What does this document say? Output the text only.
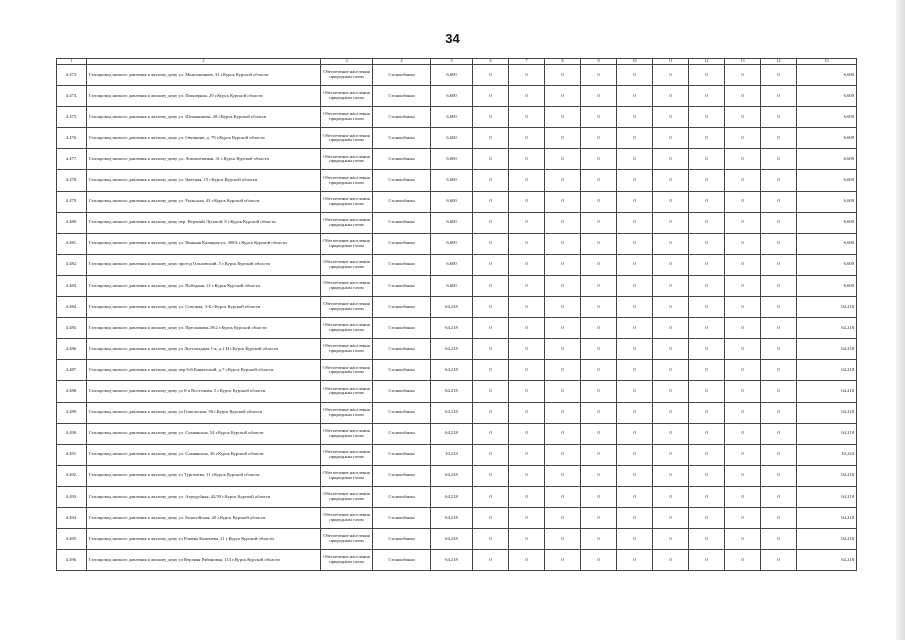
34
1	2	3	4	5	6	7	8	9	10	11	12	13	14	15
4.473.	Газопровод низкого давления к жилому дому ул. Монтажников, 33 г.Курск Курской области	Обеспечение населения природным газом	Стонашбанка	6,600	0	0	0	0	0	0	0	0	0	6,600
4.474.	Газопровод низкого давления к жилому дому ул. Пионерная, 29 г.Курск Курской области	Обеспечение населения природным газом	Стонашбанка	6,600	0	0	0	0	0	0	0	0	0	6,600
4.475.	Газопровод низкого давления к жилому дому ул. Шемякинова, 28 г.Курск Курской области	Обеспечение населения природным газом	Стонашбанка	6,600	0	0	0	0	0	0	0	0	0	6,600
4.476.	Газопровод низкого давления к жилому дому ул. Овечкина, д. 79 г.Курск Курской области	Обеспечение населения природным газом	Стонашбанка	6,600	0	0	0	0	0	0	0	0	0	6,600
4.477.	Газопровод низкого давления к жилому дому ул. Локомотивная, 31 г.Курск Курской области	Обеспечение населения природным газом	Стонашбанка	6,600	0	0	0	0	0	0	0	0	0	6,600
4.478.	Газопровод низкого давления к жилому дому ул. Цветная, 15 г.Курск Курской области	Обеспечение населения природным газом	Стонашбанка	6,600	0	0	0	0	0	0	0	0	0	6,600
4.479.	Газопровод низкого давления к жилому дому ул. Рыльская, 43 г.Курск Курской области	Обеспечение населения природным газом	Стонашбанка	6,600	0	0	0	0	0	0	0	0	0	6,600
4.480.	Газопровод низкого давления к жилому дому пер. Верхний Луговой, 8 г.Курск Курской области	Обеспечение населения природным газом	Стонашбанка	6,600	0	0	0	0	0	0	0	0	0	6,600
4.481.	Газопровод низкого давления к жилому дому ул. Нижняя Казацкая ул, 308А г.Курск Курской области	Обеспечение населения природным газом	Стонашбанка	6,600	0	0	0	0	0	0	0	0	0	6,600
4.482.	Газопровод низкого давления к жилому дому проезд Ольховский, 5 г.Курск Курской области	Обеспечение населения природным газом	Стонашбанка	6,600	0	0	0	0	0	0	0	0	0	6,600
4.483.	Газопровод низкого давления к жилому дому ул. Победная, 21 г.Курск Курской области	Обеспечение населения природным газом	Стонашбанка	6,600	0	0	0	0	0	0	0	0	0	6,600
4.484.	Газопровод низкого давления к жилому дому ул. Союзная, 3-Б г.Курск Курской области	Обеспечение населения природным газом	Стонашбанка	64,218	0	0	0	0	0	0	0	0	0	64,218
4.485.	Газопровод низкого давления к жилому дому ул. Пресникова,39/2 г.Курск Курской области	Обеспечение населения природным газом	Стонашбанка	64,218	0	0	0	0	0	0	0	0	0	64,218
4.486.	Газопровод низкого давления к жилому дому ул Листопадная 1-я, д.2 И г.Курск Курской области	Обеспечение населения природным газом	Стонашбанка	64,218	0	0	0	0	0	0	0	0	0	64,218
4.487.	Газопровод низкого давления к жилому дому пер.6-й Кавказский, д.7 г.Курск Курской области	Обеспечение населения природным газом	Стонашбанка	64,218	0	0	0	0	0	0	0	0	0	64,218
4.488.	Газопровод низкого давления к жилому дому ул 6-я Восточная, 5 г.Курск Курской области	Обеспечение населения природным газом	Стонашбанка	64,218	0	0	0	0	0	0	0	0	0	64,218
4.489.	Газопровод низкого давления к жилому дому ул Гомельская, 58 г.Курск Курской области	Обеспечение населения природным газом	Стонашбанка	64,218	0	0	0	0	0	0	0	0	0	64,218
4.490.	Газопровод низкого давления к жилому дому ул. Славянская, 54 г.Курск Курской области	Обеспечение населения природным газом	Стонашбанка	64,218	0	0	0	0	0	0	0	0	0	64,218
4.491.	Газопровод низкого давления к жилому дому ул. Славянская, 36 г.Курск Курской области	Обеспечение населения природным газом	Стонашбанка	10,224	0	0	0	0	0	0	0	0	0	10,224
4.492.	Газопровод низкого давления к жилому дому ул Тургенева, 11 г.Курск Курской области	Обеспечение населения природным газом	Стонашбанка	64,218	0	0	0	0	0	0	0	0	0	64,218
4.493.	Газопровод низкого давления к жилому дому ул. Аэродубная, 42/59 г.Курск Курской области	Обеспечение населения природным газом	Стонашбанка	64,218	0	0	0	0	0	0	0	0	0	64,218
4.494.	Газопровод низкого давления к жилому дому ул. Бельгийская, 20 г.Курск Курской области	Обеспечение населения природным газом	Стонашбанка	64,218	0	0	0	0	0	0	0	0	0	64,218
4.495.	Газопровод низкого давления к жилому дому ул Ромена Каменева, 21 г.Курск Курской области	Обеспечение населения природным газом	Стонашбанка	64,218	0	0	0	0	0	0	0	0	0	64,218
4.496.	Газопровод низкого давления к жилому дому ул Верхняя Рябиновая, 114 г.Курск Курской области	Обеспечение населения природным газом	Стонашбанка	64,218	0	0	0	0	0	0	0	0	0	64,218
